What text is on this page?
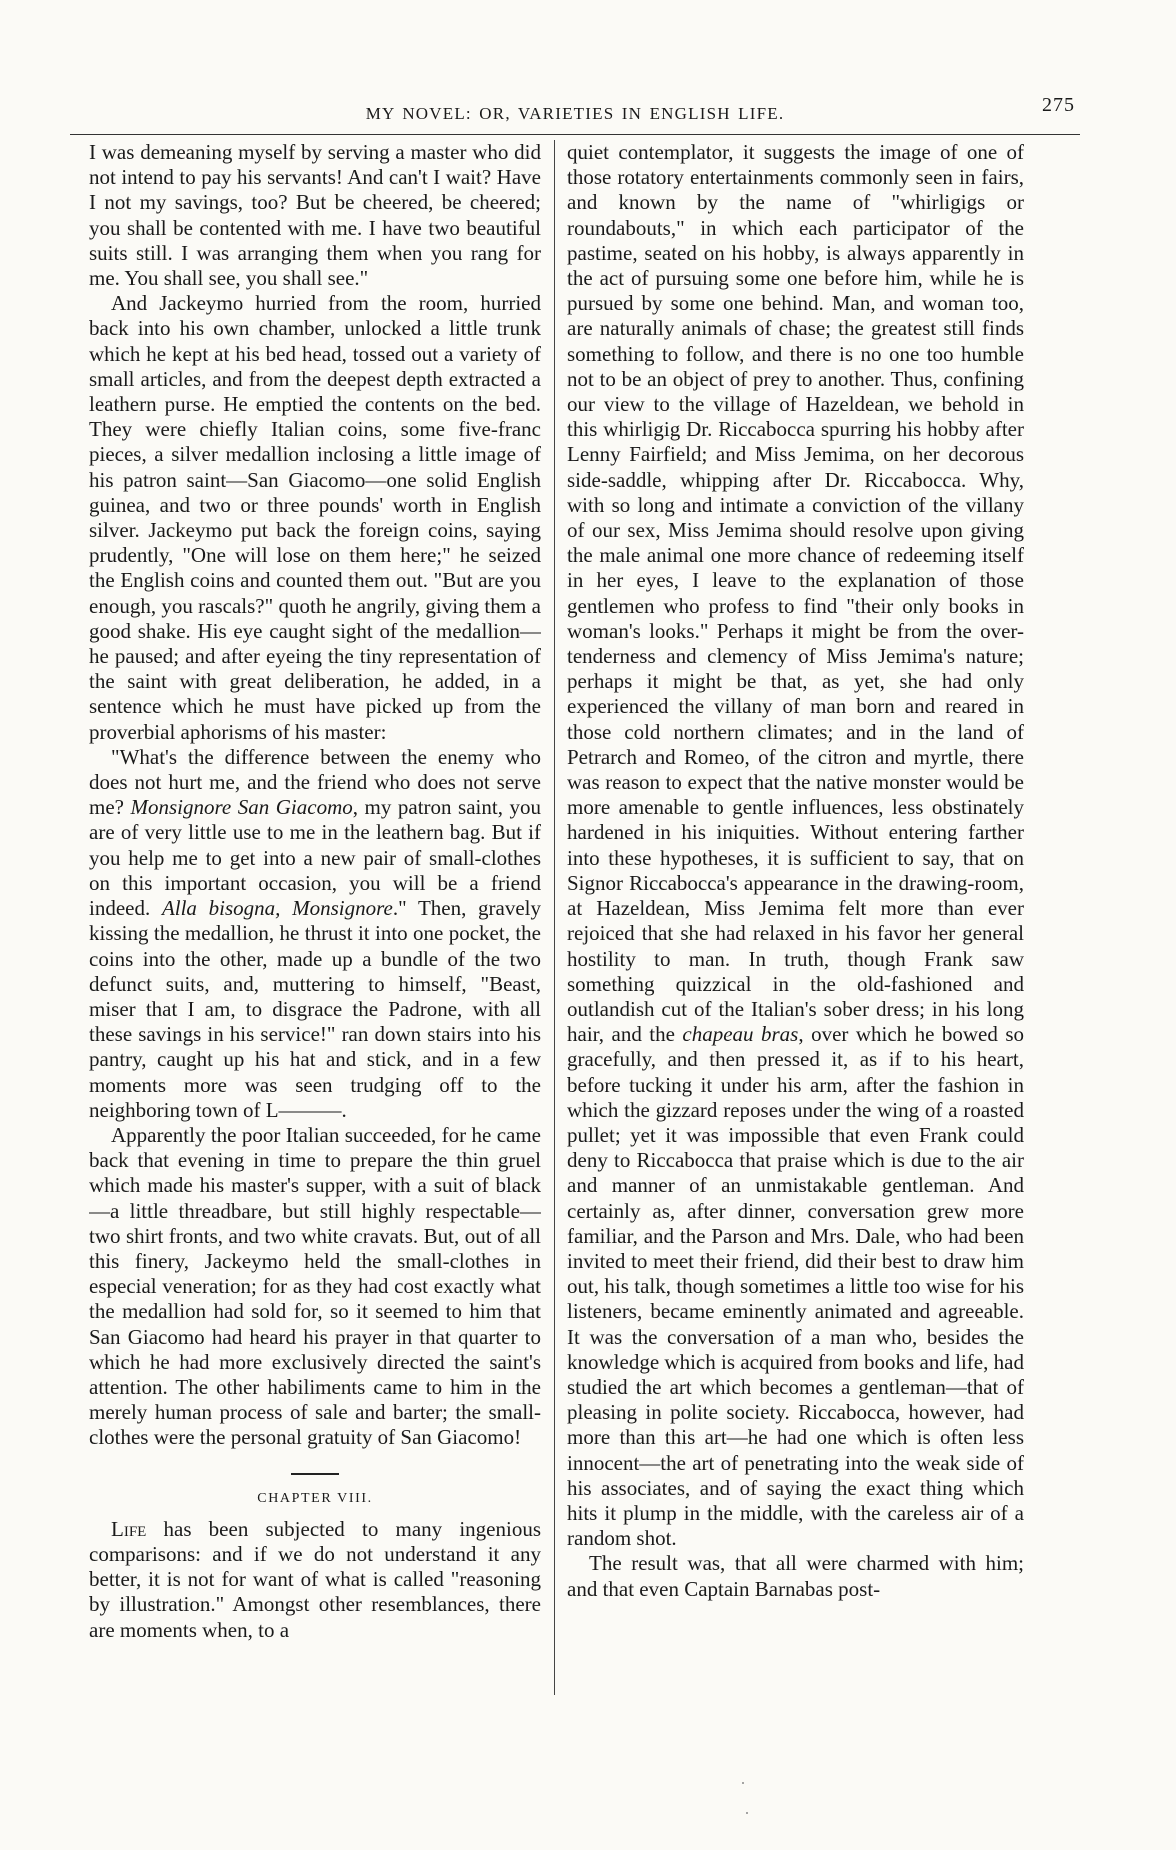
MY NOVEL: OR, VARIETIES IN ENGLISH LIFE.	275

I was demeaning myself by serving a master who did not intend to pay his servants! And can't I wait? Have I not my savings, too? But be cheered, be cheered; you shall be contented with me. I have two beautiful suits still. I was arranging them when you rang for me. You shall see, you shall see."

And Jackeymo hurried from the room, hurried back into his own chamber, unlocked a little trunk which he kept at his bed head, tossed out a variety of small articles, and from the deepest depth extracted a leathern purse. He emptied the contents on the bed. They were chiefly Italian coins, some five-franc pieces, a silver medallion inclosing a little image of his patron saint—San Giacomo—one solid English guinea, and two or three pounds' worth in English silver. Jackeymo put back the foreign coins, saying prudently, "One will lose on them here;" he seized the English coins and counted them out. "But are you enough, you rascals?" quoth he angrily, giving them a good shake. His eye caught sight of the medallion—he paused; and after eyeing the tiny representation of the saint with great deliberation, he added, in a sentence which he must have picked up from the proverbial aphorisms of his master:

"What's the difference between the enemy who does not hurt me, and the friend who does not serve me? Monsignore San Giacomo, my patron saint, you are of very little use to me in the leathern bag. But if you help me to get into a new pair of small-clothes on this important occasion, you will be a friend indeed. Alla bisogna, Monsignore." Then, gravely kissing the medallion, he thrust it into one pocket, the coins into the other, made up a bundle of the two defunct suits, and, muttering to himself, "Beast, miser that I am, to disgrace the Padrone, with all these savings in his service!" ran down stairs into his pantry, caught up his hat and stick, and in a few moments more was seen trudging off to the neighboring town of L———.

Apparently the poor Italian succeeded, for he came back that evening in time to prepare the thin gruel which made his master's supper, with a suit of black—a little threadbare, but still highly respectable—two shirt fronts, and two white cravats. But, out of all this finery, Jackeymo held the small-clothes in especial veneration; for as they had cost exactly what the medallion had sold for, so it seemed to him that San Giacomo had heard his prayer in that quarter to which he had more exclusively directed the saint's attention. The other habiliments came to him in the merely human process of sale and barter; the small-clothes were the personal gratuity of San Giacomo!

CHAPTER VIII.

Life has been subjected to many ingenious comparisons: and if we do not understand it any better, it is not for want of what is called "reasoning by illustration." Amongst other resemblances, there are moments when, to a

quiet contemplator, it suggests the image of one of those rotatory entertainments commonly seen in fairs, and known by the name of "whirligigs or roundabouts," in which each participator of the pastime, seated on his hobby, is always apparently in the act of pursuing some one before him, while he is pursued by some one behind. Man, and woman too, are naturally animals of chase; the greatest still finds something to follow, and there is no one too humble not to be an object of prey to another. Thus, confining our view to the village of Hazeldean, we behold in this whirligig Dr. Riccabocca spurring his hobby after Lenny Fairfield; and Miss Jemima, on her decorous side-saddle, whipping after Dr. Riccabocca. Why, with so long and intimate a conviction of the villany of our sex, Miss Jemima should resolve upon giving the male animal one more chance of redeeming itself in her eyes, I leave to the explanation of those gentlemen who profess to find "their only books in woman's looks." Perhaps it might be from the over-tenderness and clemency of Miss Jemima's nature; perhaps it might be that, as yet, she had only experienced the villany of man born and reared in those cold northern climates; and in the land of Petrarch and Romeo, of the citron and myrtle, there was reason to expect that the native monster would be more amenable to gentle influences, less obstinately hardened in his iniquities. Without entering farther into these hypotheses, it is sufficient to say, that on Signor Riccabocca's appearance in the drawing-room, at Hazeldean, Miss Jemima felt more than ever rejoiced that she had relaxed in his favor her general hostility to man. In truth, though Frank saw something quizzical in the old-fashioned and outlandish cut of the Italian's sober dress; in his long hair, and the chapeau bras, over which he bowed so gracefully, and then pressed it, as if to his heart, before tucking it under his arm, after the fashion in which the gizzard reposes under the wing of a roasted pullet; yet it was impossible that even Frank could deny to Riccabocca that praise which is due to the air and manner of an unmistakable gentleman. And certainly as, after dinner, conversation grew more familiar, and the Parson and Mrs. Dale, who had been invited to meet their friend, did their best to draw him out, his talk, though sometimes a little too wise for his listeners, became eminently animated and agreeable. It was the conversation of a man who, besides the knowledge which is acquired from books and life, had studied the art which becomes a gentleman—that of pleasing in polite society. Riccabocca, however, had more than this art—he had one which is often less innocent—the art of penetrating into the weak side of his associates, and of saying the exact thing which hits it plump in the middle, with the careless air of a random shot.

The result was, that all were charmed with him; and that even Captain Barnabas post-
